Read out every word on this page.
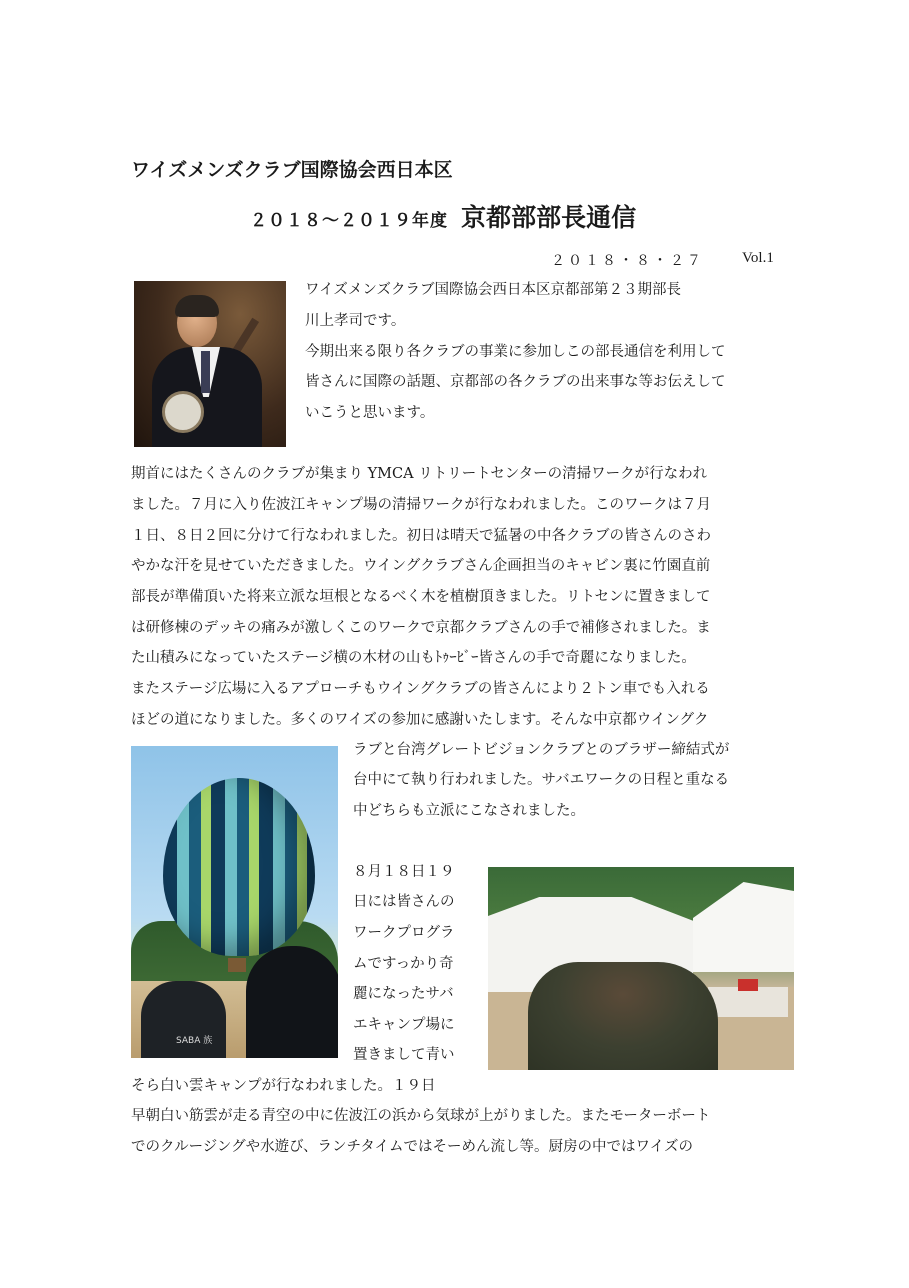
ワイズメンズクラブ国際協会西日本区
２０１８～２０１９年度 京都部部長通信
２０１８・８・２７	Vol.1
ワイズメンズクラブ国際協会西日本区京都部第２３期部長
川上孝司です。
今期出来る限り各クラブの事業に参加しこの部長通信を利用して
皆さんに国際の話題、京都部の各クラブの出来事な等お伝えして
いこうと思います。
期首にはたくさんのクラブが集まり YMCA リトリートセンターの清掃ワークが行なわれ
ました。７月に入り佐波江キャンプ場の清掃ワークが行なわれました。このワークは７月
１日、８日２回に分けて行なわれました。初日は晴天で猛暑の中各クラブの皆さんのさわ
やかな汗を見せていただきました。ウイングクラブさん企画担当のキャビン裏に竹園直前
部長が準備頂いた将来立派な垣根となるべく木を植樹頂きました。リトセンに置きまして
は研修棟のデッキの痛みが激しくこのワークで京都クラブさんの手で補修されました。ま
た山積みになっていたステージ横の木材の山もﾄｩｰﾋﾞｰ皆さんの手で奇麗になりました。
またステージ広場に入るアプローチもウイングクラブの皆さんにより２トン車でも入れる
ほどの道になりました。多くのワイズの参加に感謝いたします。そんな中京都ウイングク
SABA 族
ラブと台湾グレートビジョンクラブとのブラザー締結式が
台中にて執り行われました。サバエワークの日程と重なる
中どちらも立派にこなされました。
８月１８日１９
日には皆さんの
ワークプログラ
ムですっかり奇
麗になったサバ
エキャンプ場に
置きまして青い
そら白い雲キャンプが行なわれました。１９日
早朝白い筋雲が走る青空の中に佐波江の浜から気球が上がりました。またモーターボート
でのクルージングや水遊び、ランチタイムではそーめん流し等。厨房の中ではワイズの
